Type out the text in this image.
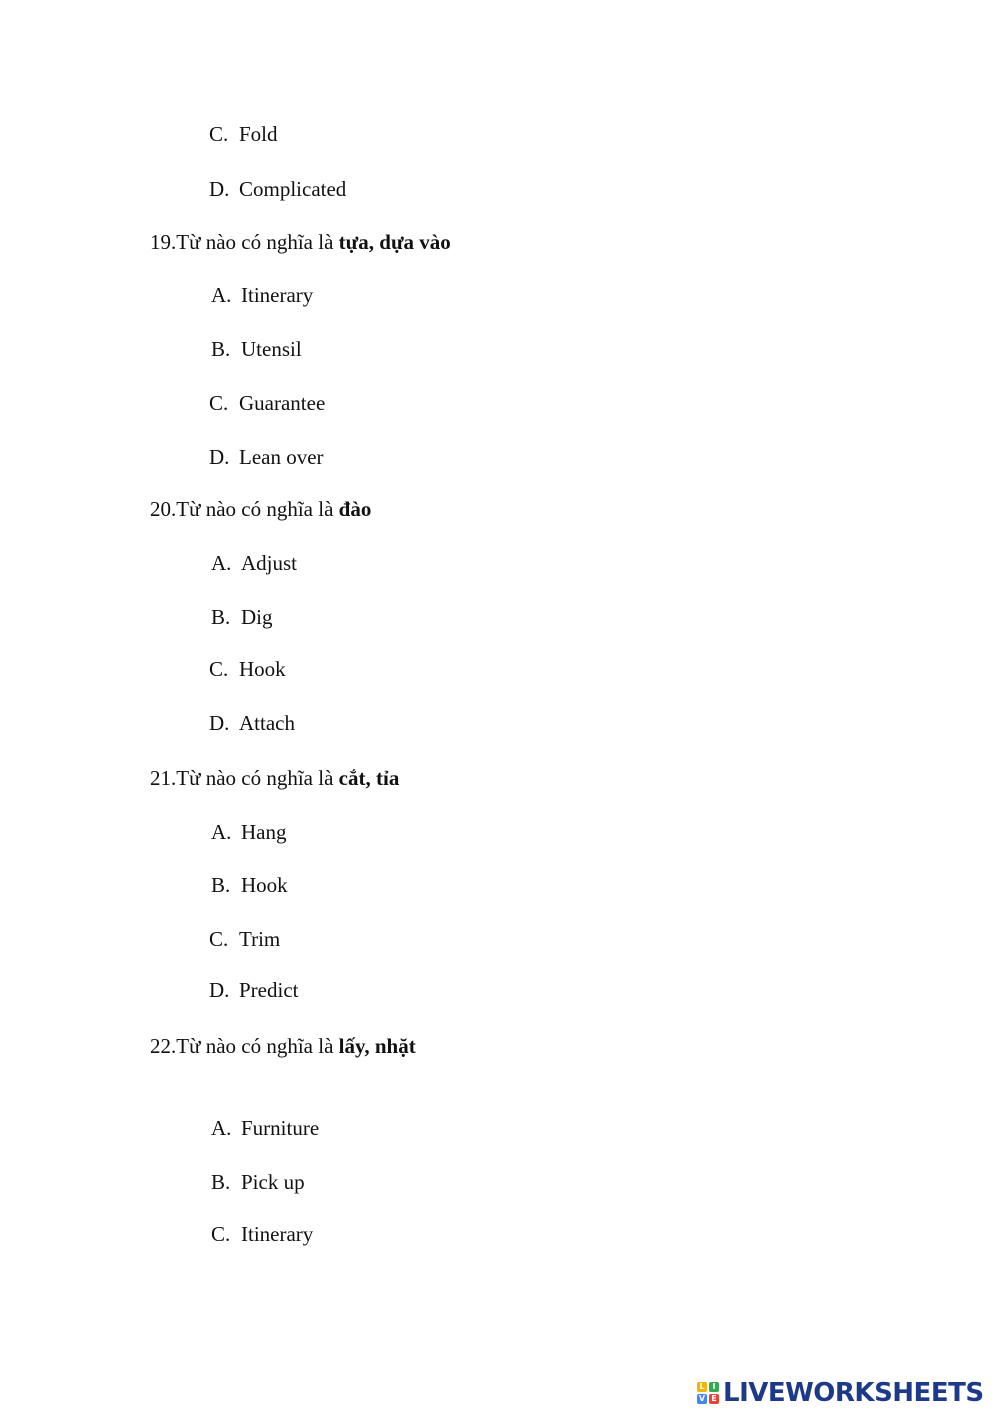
C. Fold
D. Complicated
19.Từ nào có nghĩa là tựa, dựa vào
A. Itinerary
B. Utensil
C. Guarantee
D. Lean over
20.Từ nào có nghĩa là đào
A. Adjust
B. Dig
C. Hook
D. Attach
21.Từ nào có nghĩa là cắt, tỉa
A. Hang
B. Hook
C. Trim
D. Predict
22.Từ nào có nghĩa là lấy, nhặt
A. Furniture
B. Pick up
C. Itinerary
L I
V E LIVEWORKSHEETS
